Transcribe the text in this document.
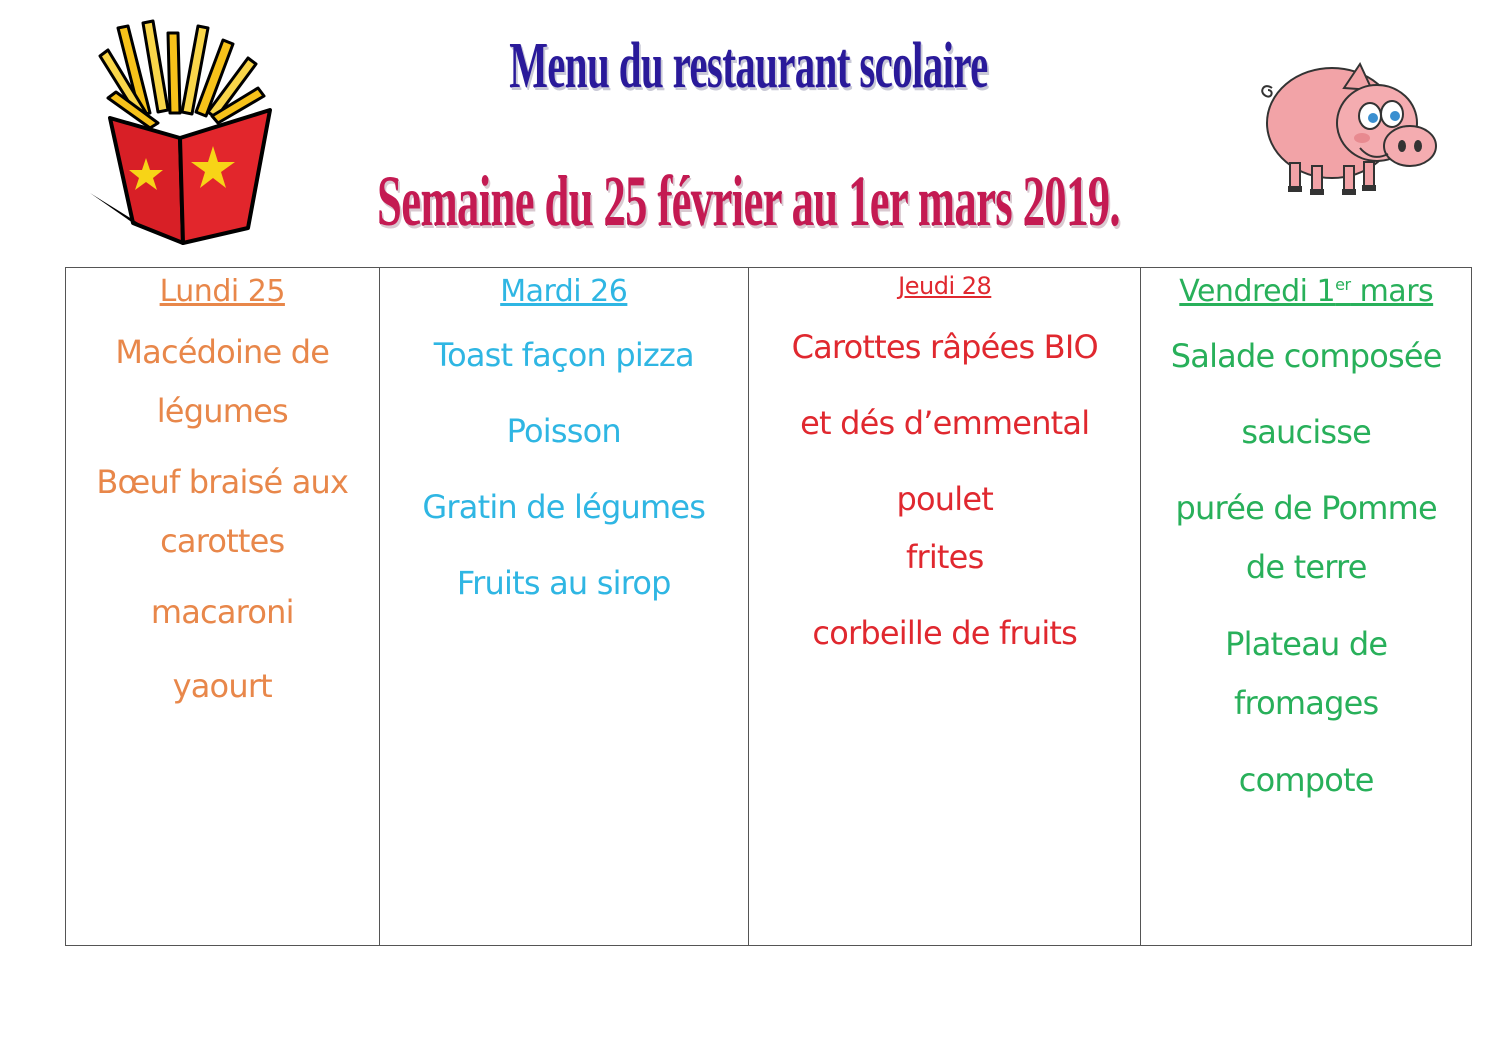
Menu du restaurant scolaire
Semaine du 25 février au 1er mars 2019.
Lundi 25
Macédoine de légumes
Bœuf braisé aux carottes
macaroni
yaourt
Mardi 26
Toast façon pizza
Poisson
Gratin de légumes
Fruits au sirop
Jeudi 28
Carottes râpées BIO
et dés d’emmental
poulet
frites
corbeille de fruits
Vendredi 1er mars
Salade composée
saucisse
purée de Pomme de terre
Plateau de fromages
compote
